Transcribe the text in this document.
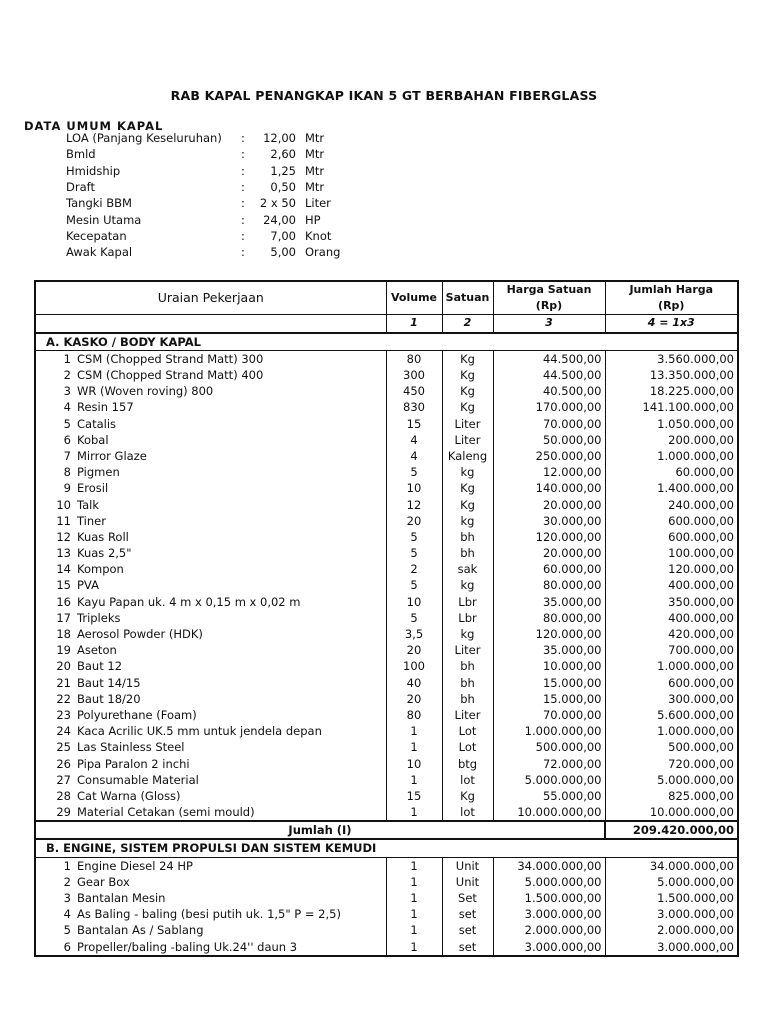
RAB KAPAL PENANGKAP IKAN 5 GT BERBAHAN FIBERGLASS
DATA UMUM KAPAL
LOA (Panjang Keseluruhan) :	12,00 Mtr
Bmld	:	2,60 Mtr
Hmidship	:	1,25 Mtr
Draft	:	0,50 Mtr
Tangki BBM	:	2 x 50 Liter
Mesin Utama	:	24,00 HP
Kecepatan	:	7,00 Knot
Awak Kapal	:	5,00 Orang
Uraian Pekerjaan	Volume	Satuan	Harga Satuan	Jumlah Harga
			(Rp)	(Rp)
	1	2	3	4 = 1x3
A. KASKO / BODY KAPAL				

1 CSM (Chopped Strand Matt) 300	80	Kg	44.500,00	3.560.000,00

2 CSM (Chopped Strand Matt) 400	300	Kg	44.500,00	13.350.000,00

3 WR (Woven roving) 800	450	Kg	40.500,00	18.225.000,00

4 Resin 157	830	Kg	170.000,00	141.100.000,00

5 Catalis	15	Liter	70.000,00	1.050.000,00

6 Kobal	4	Liter	50.000,00	200.000,00

7 Mirror Glaze	4	Kaleng	250.000,00	1.000.000,00

8 Pigmen	5	kg	12.000,00	60.000,00

9 Erosil	10	Kg	140.000,00	1.400.000,00

10 Talk	12	Kg	20.000,00	240.000,00

11 Tiner	20	kg	30.000,00	600.000,00

12 Kuas Roll	5	bh	120.000,00	600.000,00

13 Kuas 2,5"	5	bh	20.000,00	100.000,00

14 Kompon	2	sak	60.000,00	120.000,00

15 PVA	5	kg	80.000,00	400.000,00

16 Kayu Papan uk. 4 m x 0,15 m x 0,02 m	10	Lbr	35.000,00	350.000,00

17 Tripleks	5	Lbr	80.000,00	400.000,00

18 Aerosol Powder (HDK)	3,5	kg	120.000,00	420.000,00

19 Aseton	20	Liter	35.000,00	700.000,00

20 Baut 12	100	bh	10.000,00	1.000.000,00

21 Baut 14/15	40	bh	15.000,00	600.000,00

22 Baut 18/20	20	bh	15.000,00	300.000,00

23 Polyurethane (Foam)	80	Liter	70.000,00	5.600.000,00

24 Kaca Acrilic UK.5 mm untuk jendela depan	1	Lot	1.000.000,00	1.000.000,00

25 Las Stainless Steel	1	Lot	500.000,00	500.000,00

26 Pipa Paralon 2 inchi	10	btg	72.000,00	720.000,00

27 Consumable Material	1	lot	5.000.000,00	5.000.000,00

28 Cat Warna (Gloss)	15	Kg	55.000,00	825.000,00

29 Material Cetakan (semi mould)	1	lot	10.000.000,00	10.000.000,00
Jumlah (I)				209.420.000,00
B. ENGINE, SISTEM PROPULSI DAN SISTEM KEMUDI				

1 Engine Diesel 24 HP	1	Unit	34.000.000,00	34.000.000,00

2 Gear Box	1	Unit	5.000.000,00	5.000.000,00

3 Bantalan Mesin	1	Set	1.500.000,00	1.500.000,00

4 As Baling - baling (besi putih uk. 1,5" P = 2,5)	1	set	3.000.000,00	3.000.000,00

5 Bantalan As / Sablang	1	set	2.000.000,00	2.000.000,00

6 Propeller/baling -baling Uk.24'' daun 3	1	set	3.000.000,00	3.000.000,00
